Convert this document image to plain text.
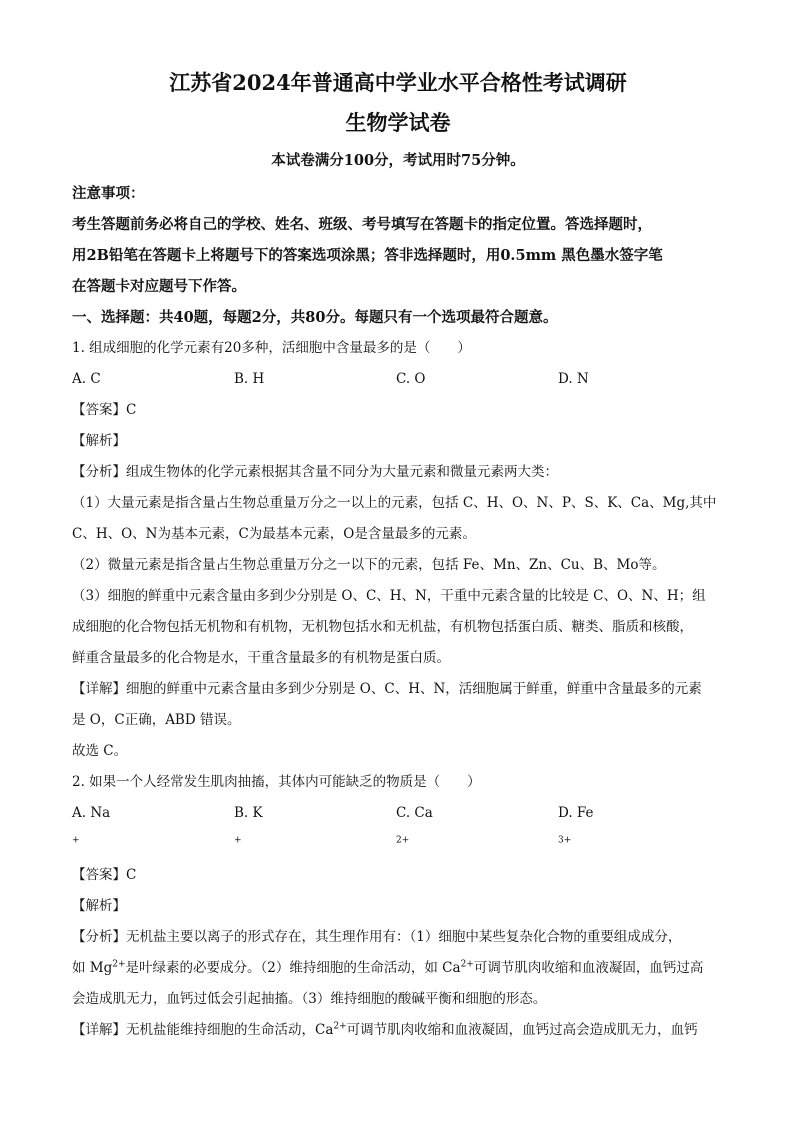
江苏省2024年普通高中学业水平合格性考试调研
生物学试卷
本试卷满分100分，考试用时75分钟。
注意事项：
考生答题前务必将自己的学校、姓名、班级、考号填写在答题卡的指定位置。答选择题时，
用2B铅笔在答题卡上将题号下的答案选项涂黑；答非选择题时，用0.5mm 黑色墨水签字笔
在答题卡对应题号下作答。
一、选择题：共40题，每题2分，共80分。每题只有一个选项最符合题意。
1. 组成细胞的化学元素有20多种，活细胞中含量最多的是（　　）
A. C	B. H	C. O	D. N
【答案】C
【解析】
【分析】组成生物体的化学元素根据其含量不同分为大量元素和微量元素两大类：
（1）大量元素是指含量占生物总重量万分之一以上的元素，包括 C、H、O、N、P、S、K、Ca、Mg,其中
C、H、O、N为基本元素，C为最基本元素，O是含量最多的元素。
（2）微量元素是指含量占生物总重量万分之一以下的元素，包括 Fe、Mn、Zn、Cu、B、Mo等。
（3）细胞的鲜重中元素含量由多到少分别是 O、C、H、N，干重中元素含量的比较是 C、O、N、H；组
成细胞的化合物包括无机物和有机物，无机物包括水和无机盐，有机物包括蛋白质、糖类、脂质和核酸，
鲜重含量最多的化合物是水，干重含量最多的有机物是蛋白质。
【详解】细胞的鲜重中元素含量由多到少分别是 O、C、H、N，活细胞属于鲜重，鲜重中含量最多的元素
是 O，C正确，ABD 错误。
故选 C。
2. 如果一个人经常发生肌肉抽搐，其体内可能缺乏的物质是（　　）
A. Na+
B. K+
C. $Ca^{2+}$
D. $Fe^{3+}$
【答案】C
【解析】
【分析】无机盐主要以离子的形式存在，其生理作用有：（1）细胞中某些复杂化合物的重要组成成分，
如 $Mg^{2+}$是叶绿素的必要成分。（2）维持细胞的生命活动，如 $Ca^{2+}$可调节肌肉收缩和血液凝固，血钙过高
会造成肌无力，血钙过低会引起抽搐。（3）维持细胞的酸碱平衡和细胞的形态。
【详解】无机盐能维持细胞的生命活动，$Ca^{2+}$可调节肌肉收缩和血液凝固，血钙过高会造成肌无力，血钙
